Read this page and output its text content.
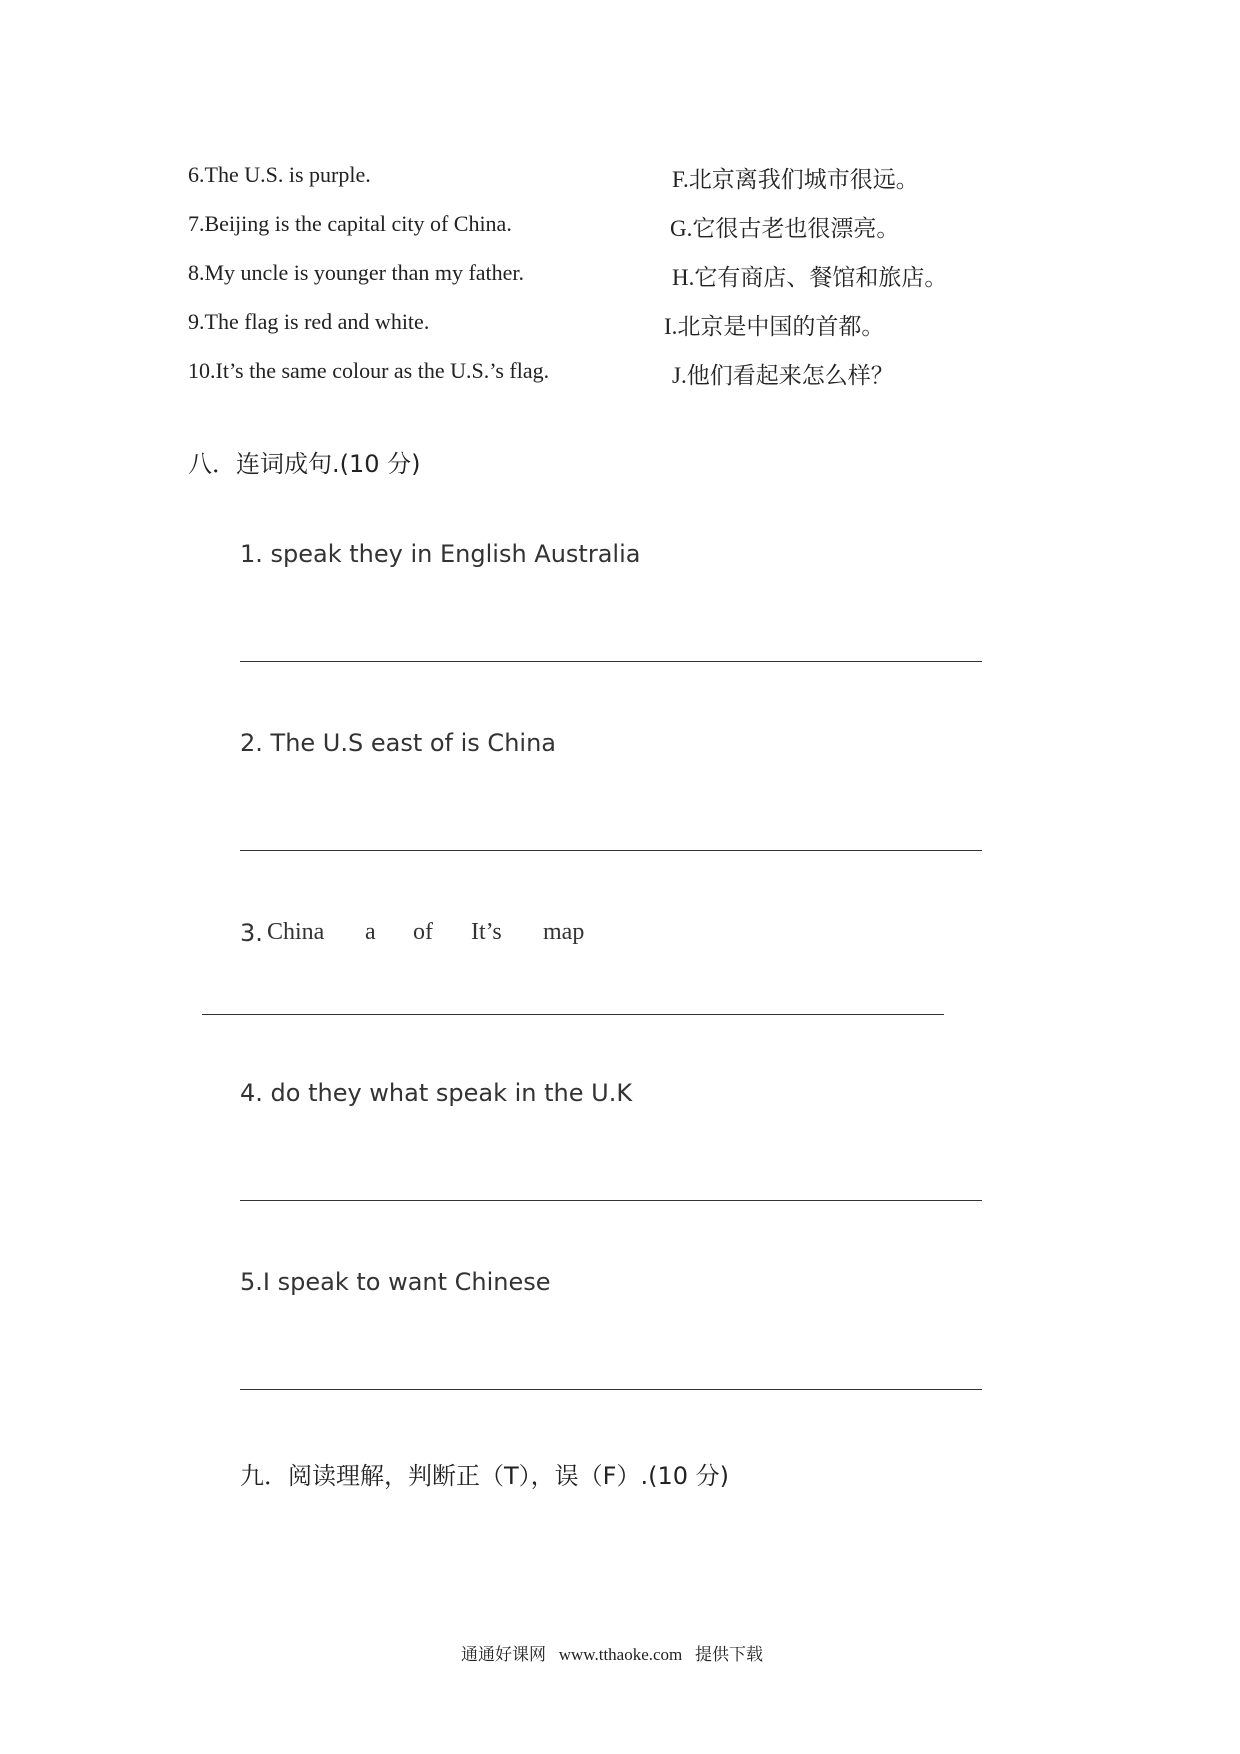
6.The U.S. is purple.
7.Beijing is the capital city of China.
8.My uncle is younger than my father.
9.The flag is red and white.
10.It’s the same colour as the U.S.’s flag.
F.北京离我们城市很远。
G.它很古老也很漂亮。
H.它有商店、餐馆和旅店。
I.北京是中国的首都。
J.他们看起来怎么样？
八．连词成句.(10 分)
1. speak they in English Australia
2. The U.S east of is China
3. China a of It’s map
4. do they what speak in the U.K
5.I speak to want Chinese
九．阅读理解，判断正（T），误（F）.(10 分)
通通好课网   www.tthaoke.com   提供下载
